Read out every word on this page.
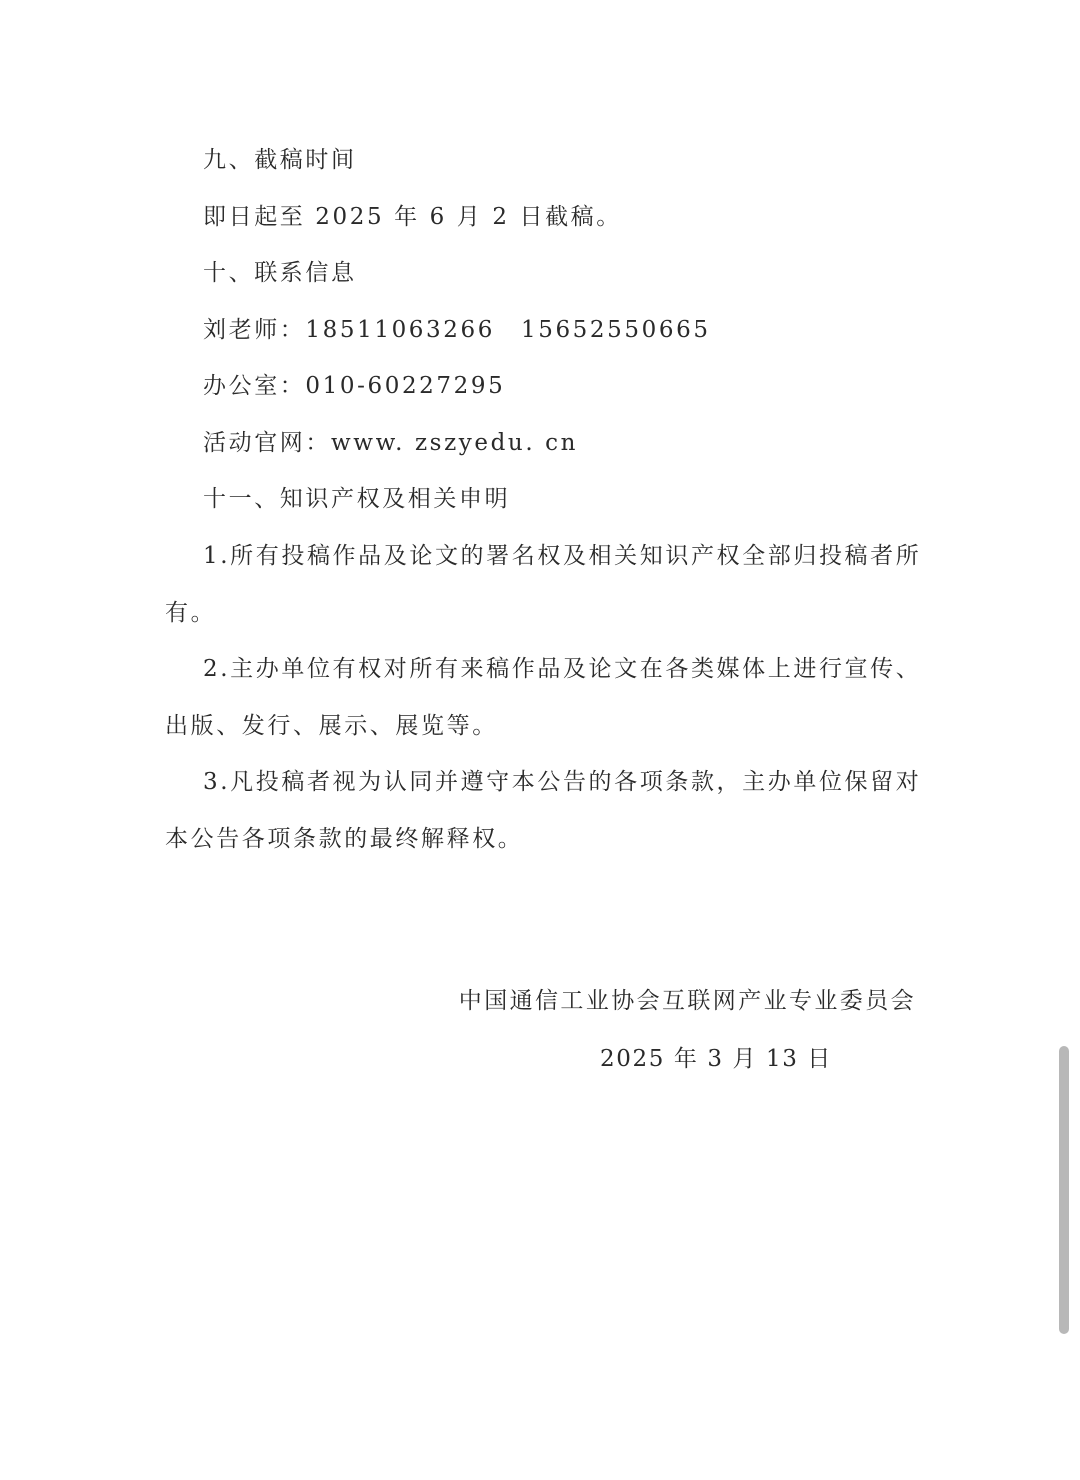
九、截稿时间
即日起至 2025 年 6 月 2 日截稿。
十、联系信息
刘老师：18511063266 15652550665
办公室：010-60227295
活动官网：www. zszyedu. cn
十一、知识产权及相关申明
1.所有投稿作品及论文的署名权及相关知识产权全部归投稿者所
有。
2.主办单位有权对所有来稿作品及论文在各类媒体上进行宣传、
出版、发行、展示、展览等。
3.凡投稿者视为认同并遵守本公告的各项条款，主办单位保留对
本公告各项条款的最终解释权。
中国通信工业协会互联网产业专业委员会
2025 年 3 月 13 日
